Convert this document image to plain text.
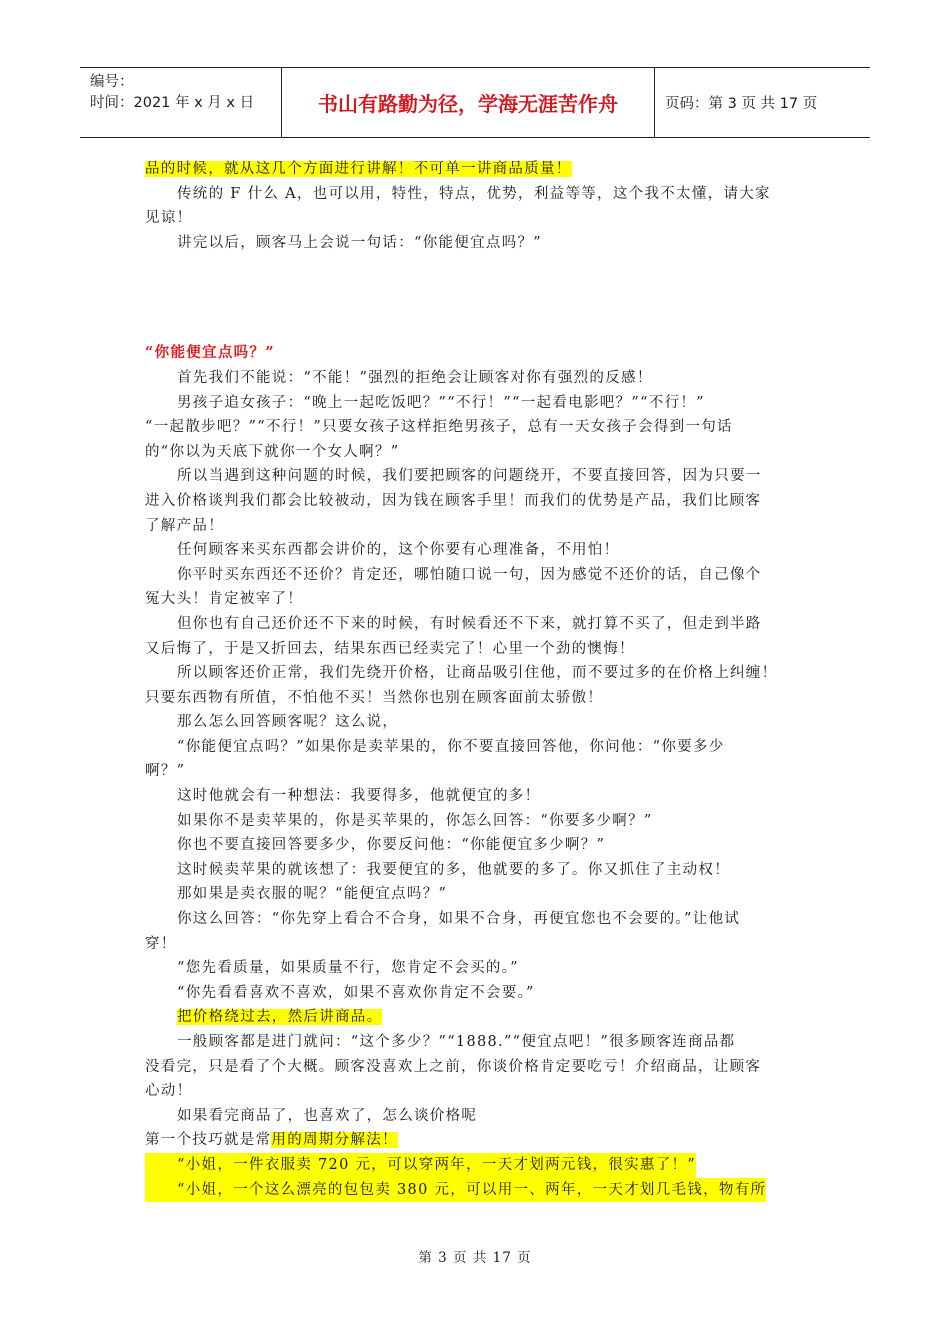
编号：
时间：2021 年 x 月 x 日	书山有路勤为径，学海无涯苦作舟	页码：第 3 页 共 17 页
品的时候，就从这几个方面进行讲解！不可单一讲商品质量！
传统的 F 什么 A，也可以用，特性，特点，优势，利益等等，这个我不太懂，请大家
见谅！
讲完以后，顾客马上会说一句话：“你能便宜点吗？”
“你能便宜点吗？”
首先我们不能说：“不能！”强烈的拒绝会让顾客对你有强烈的反感！
男孩子追女孩子：“晚上一起吃饭吧？”“不行！”“一起看电影吧？”“不行！”
“一起散步吧？”“不行！”只要女孩子这样拒绝男孩子，总有一天女孩子会得到一句话
的“你以为天底下就你一个女人啊？”
所以当遇到这种问题的时候，我们要把顾客的问题绕开，不要直接回答，因为只要一
进入价格谈判我们都会比较被动，因为钱在顾客手里！而我们的优势是产品，我们比顾客
了解产品！
任何顾客来买东西都会讲价的，这个你要有心理准备，不用怕！
你平时买东西还不还价？肯定还，哪怕随口说一句，因为感觉不还价的话，自己像个
冤大头！肯定被宰了！
但你也有自己还价还不下来的时候，有时候看还不下来，就打算不买了，但走到半路
又后悔了，于是又折回去，结果东西已经卖完了！心里一个劲的懊悔！
所以顾客还价正常，我们先绕开价格，让商品吸引住他，而不要过多的在价格上纠缠！
只要东西物有所值，不怕他不买！当然你也别在顾客面前太骄傲！
那么怎么回答顾客呢？这么说，
“你能便宜点吗？”如果你是卖苹果的，你不要直接回答他，你问他：“你要多少
啊？”
这时他就会有一种想法：我要得多，他就便宜的多！
如果你不是卖苹果的，你是买苹果的，你怎么回答：“你要多少啊？”
你也不要直接回答要多少，你要反问他：“你能便宜多少啊？”
这时候卖苹果的就该想了：我要便宜的多，他就要的多了。你又抓住了主动权！
那如果是卖衣服的呢？“能便宜点吗？”
你这么回答：“你先穿上看合不合身，如果不合身，再便宜您也不会要的。”让他试
穿！
“您先看质量，如果质量不行，您肯定不会买的。”
“你先看看喜欢不喜欢，如果不喜欢你肯定不会要。”
把价格绕过去，然后讲商品。
一般顾客都是进门就问：“这个多少？”“1888.”“便宜点吧！”很多顾客连商品都
没看完，只是看了个大概。顾客没喜欢上之前，你谈价格肯定要吃亏！介绍商品，让顾客
心动！
如果看完商品了，也喜欢了，怎么谈价格呢
第一个技巧就是常用的周期分解法！
“小姐，一件衣服卖 720 元，可以穿两年，一天才划两元钱，很实惠了！”
“小姐，一个这么漂亮的包包卖 380 元，可以用一、两年，一天才划几毛钱，物有所
第 3 页 共 17 页
